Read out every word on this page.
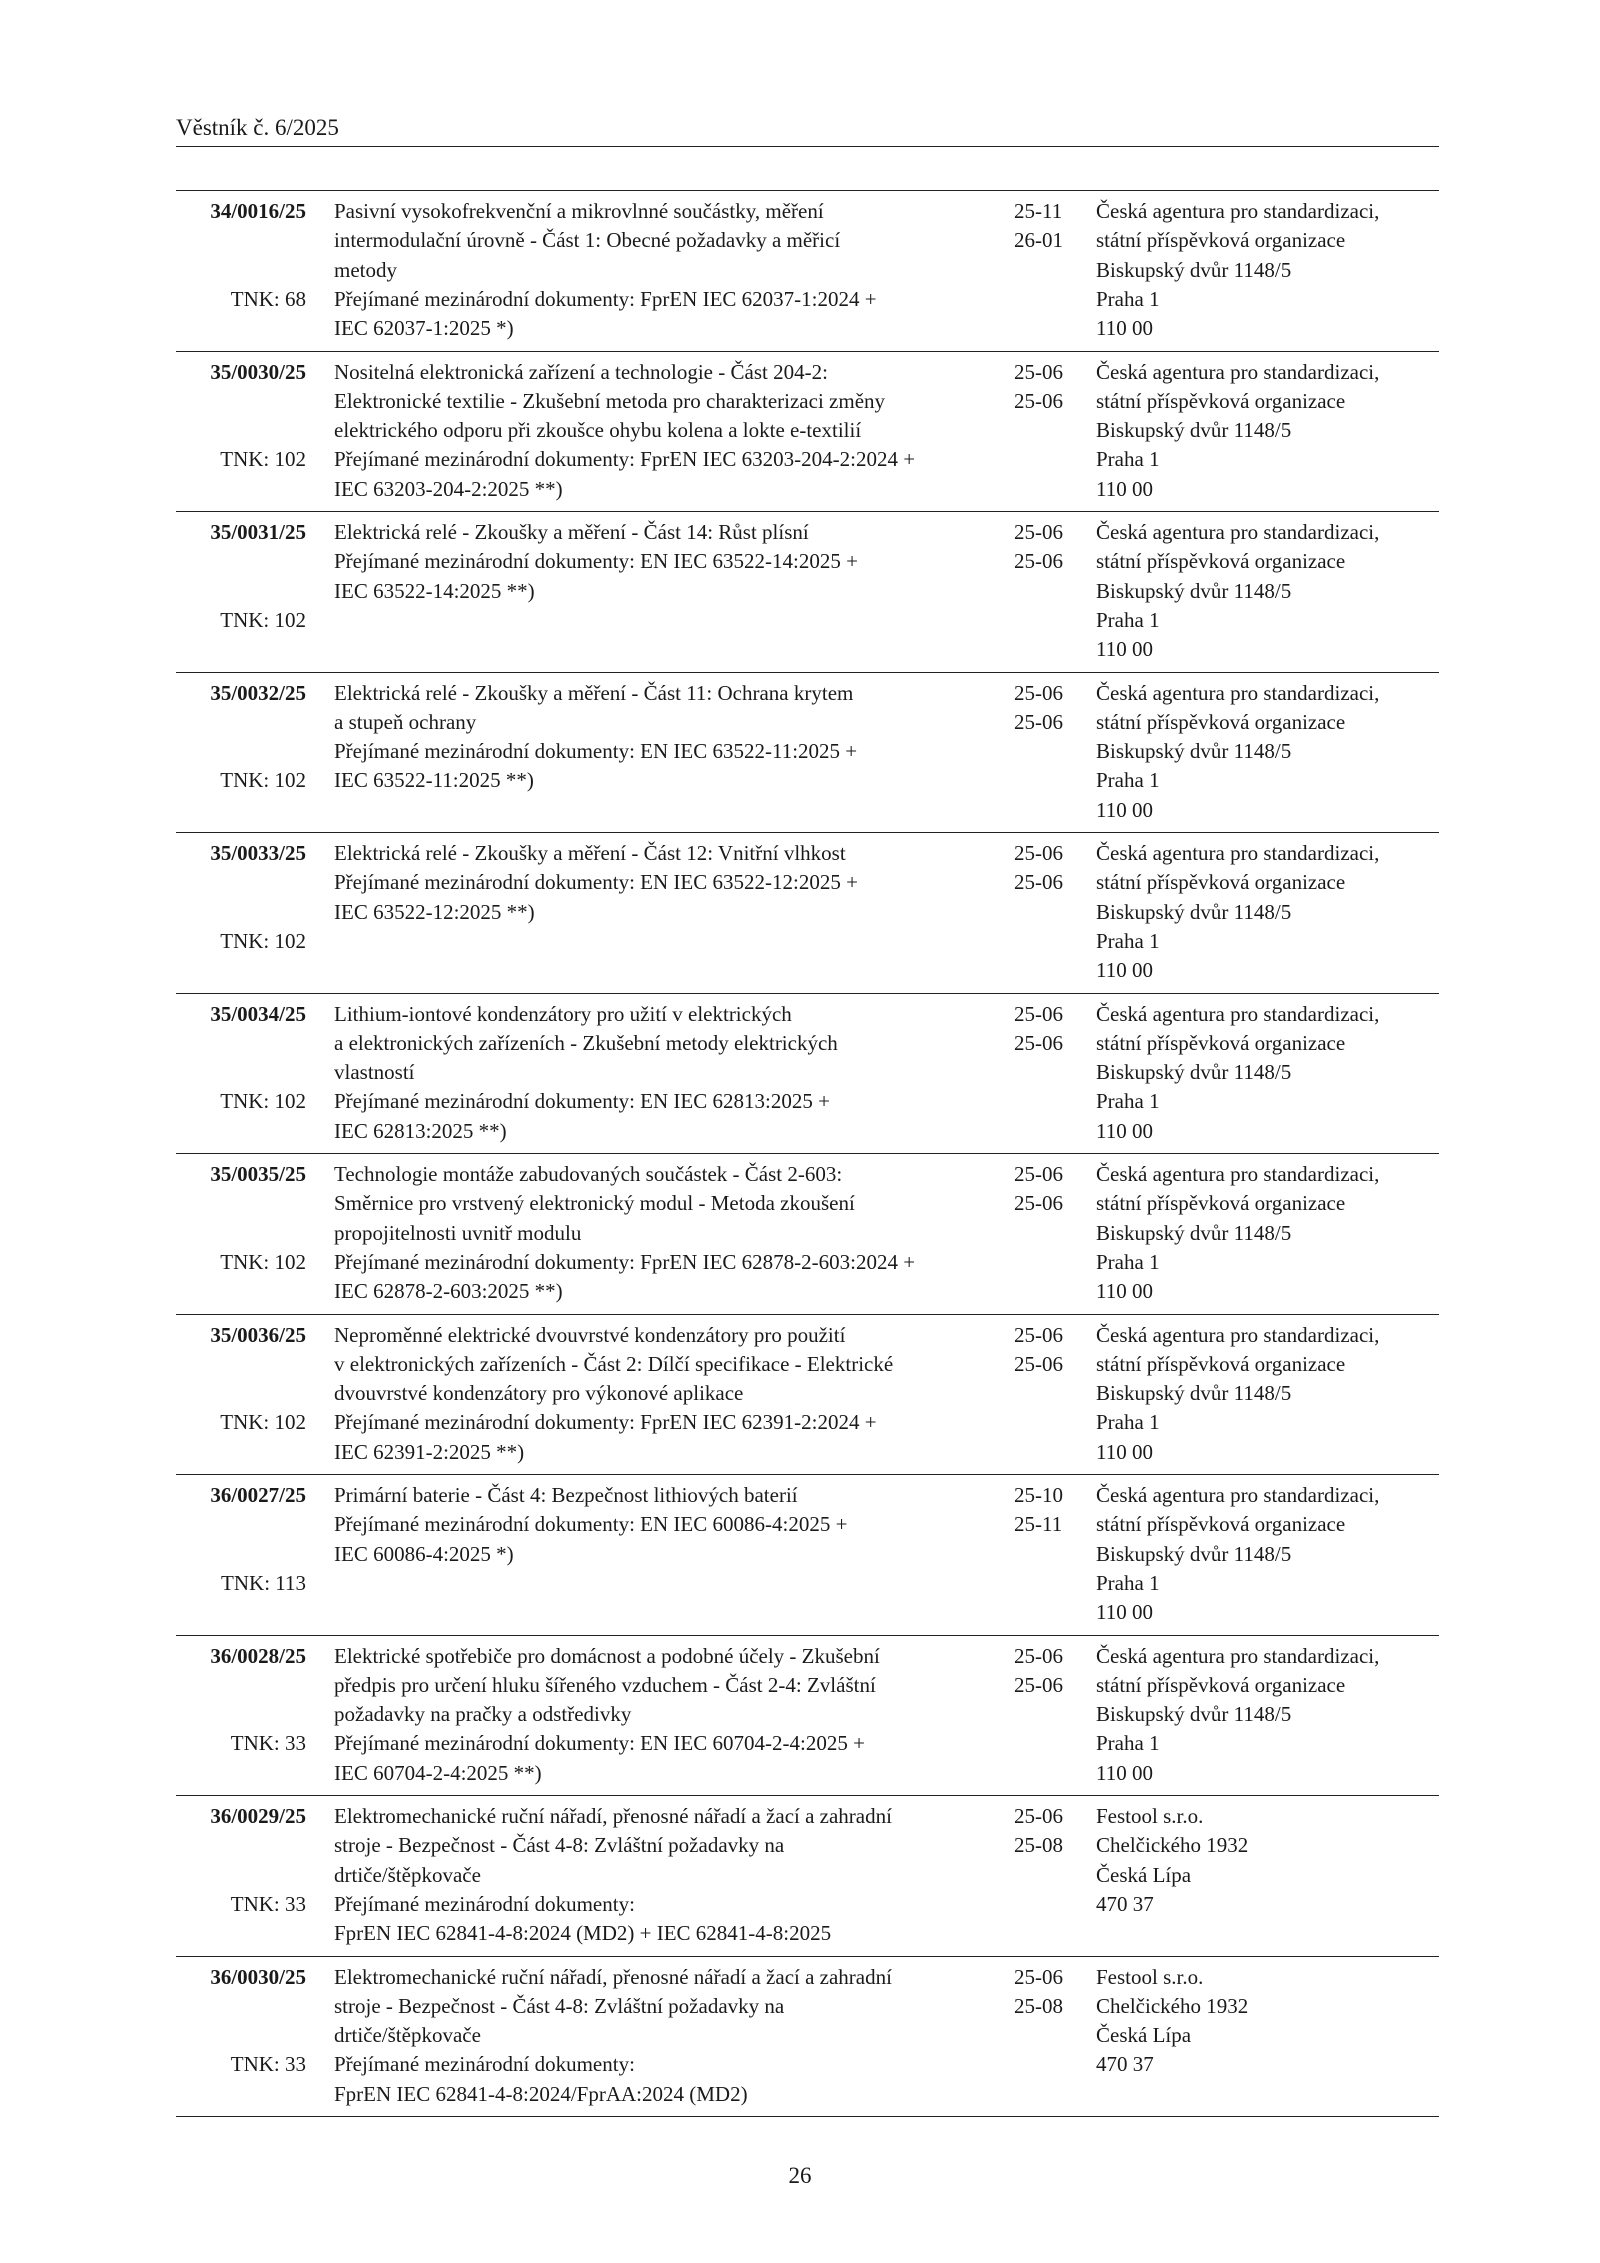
Věstník č. 6/2025
34/0016/25
TNK: 68
Pasivní vysokofrekvenční a mikrovlnné součástky, měření
intermodulační úrovně - Část 1: Obecné požadavky a měřicí
metody
Přejímané mezinárodní dokumenty: FprEN IEC 62037-1:2024 +
IEC 62037-1:2025 *)
25-11
26-01
Česká agentura pro standardizaci,
státní příspěvková organizace
Biskupský dvůr 1148/5
Praha 1
110 00
35/0030/25
TNK: 102
Nositelná elektronická zařízení a technologie - Část 204-2:
Elektronické textilie - Zkušební metoda pro charakterizaci změny
elektrického odporu při zkoušce ohybu kolena a lokte e-textilií
Přejímané mezinárodní dokumenty: FprEN IEC 63203-204-2:2024 +
IEC 63203-204-2:2025 **)
25-06
25-06
Česká agentura pro standardizaci,
státní příspěvková organizace
Biskupský dvůr 1148/5
Praha 1
110 00
35/0031/25
TNK: 102
Elektrická relé - Zkoušky a měření - Část 14: Růst plísní
Přejímané mezinárodní dokumenty: EN IEC 63522-14:2025 +
IEC 63522-14:2025 **)
25-06
25-06
Česká agentura pro standardizaci,
státní příspěvková organizace
Biskupský dvůr 1148/5
Praha 1
110 00
35/0032/25
TNK: 102
Elektrická relé - Zkoušky a měření - Část 11: Ochrana krytem
a stupeň ochrany
Přejímané mezinárodní dokumenty: EN IEC 63522-11:2025 +
IEC 63522-11:2025 **)
25-06
25-06
Česká agentura pro standardizaci,
státní příspěvková organizace
Biskupský dvůr 1148/5
Praha 1
110 00
35/0033/25
TNK: 102
Elektrická relé - Zkoušky a měření - Část 12: Vnitřní vlhkost
Přejímané mezinárodní dokumenty: EN IEC 63522-12:2025 +
IEC 63522-12:2025 **)
25-06
25-06
Česká agentura pro standardizaci,
státní příspěvková organizace
Biskupský dvůr 1148/5
Praha 1
110 00
35/0034/25
TNK: 102
Lithium-iontové kondenzátory pro užití v elektrických
a elektronických zařízeních - Zkušební metody elektrických
vlastností
Přejímané mezinárodní dokumenty: EN IEC 62813:2025 +
IEC 62813:2025 **)
25-06
25-06
Česká agentura pro standardizaci,
státní příspěvková organizace
Biskupský dvůr 1148/5
Praha 1
110 00
35/0035/25
TNK: 102
Technologie montáže zabudovaných součástek - Část 2-603:
Směrnice pro vrstvený elektronický modul - Metoda zkoušení
propojitelnosti uvnitř modulu
Přejímané mezinárodní dokumenty: FprEN IEC 62878-2-603:2024 +
IEC 62878-2-603:2025 **)
25-06
25-06
Česká agentura pro standardizaci,
státní příspěvková organizace
Biskupský dvůr 1148/5
Praha 1
110 00
35/0036/25
TNK: 102
Neproměnné elektrické dvouvrstvé kondenzátory pro použití
v elektronických zařízeních - Část 2: Dílčí specifikace - Elektrické
dvouvrstvé kondenzátory pro výkonové aplikace
Přejímané mezinárodní dokumenty: FprEN IEC 62391-2:2024 +
IEC 62391-2:2025 **)
25-06
25-06
Česká agentura pro standardizaci,
státní příspěvková organizace
Biskupský dvůr 1148/5
Praha 1
110 00
36/0027/25
TNK: 113
Primární baterie - Část 4: Bezpečnost lithiových baterií
Přejímané mezinárodní dokumenty: EN IEC 60086-4:2025 +
IEC 60086-4:2025 *)
25-10
25-11
Česká agentura pro standardizaci,
státní příspěvková organizace
Biskupský dvůr 1148/5
Praha 1
110 00
36/0028/25
TNK: 33
Elektrické spotřebiče pro domácnost a podobné účely - Zkušební
předpis pro určení hluku šířeného vzduchem - Část 2-4: Zvláštní
požadavky na pračky a odstředivky
Přejímané mezinárodní dokumenty: EN IEC 60704-2-4:2025 +
IEC 60704-2-4:2025 **)
25-06
25-06
Česká agentura pro standardizaci,
státní příspěvková organizace
Biskupský dvůr 1148/5
Praha 1
110 00
36/0029/25
TNK: 33
Elektromechanické ruční nářadí, přenosné nářadí a žací a zahradní
stroje - Bezpečnost - Část 4-8: Zvláštní požadavky na
drtiče/štěpkovače
Přejímané mezinárodní dokumenty:
FprEN IEC 62841-4-8:2024 (MD2) + IEC 62841-4-8:2025
25-06
25-08
Festool s.r.o.
Chelčického 1932
Česká Lípa
470 37
36/0030/25
TNK: 33
Elektromechanické ruční nářadí, přenosné nářadí a žací a zahradní
stroje - Bezpečnost - Část 4-8: Zvláštní požadavky na
drtiče/štěpkovače
Přejímané mezinárodní dokumenty:
FprEN IEC 62841-4-8:2024/FprAA:2024 (MD2)
25-06
25-08
Festool s.r.o.
Chelčického 1932
Česká Lípa
470 37
26
